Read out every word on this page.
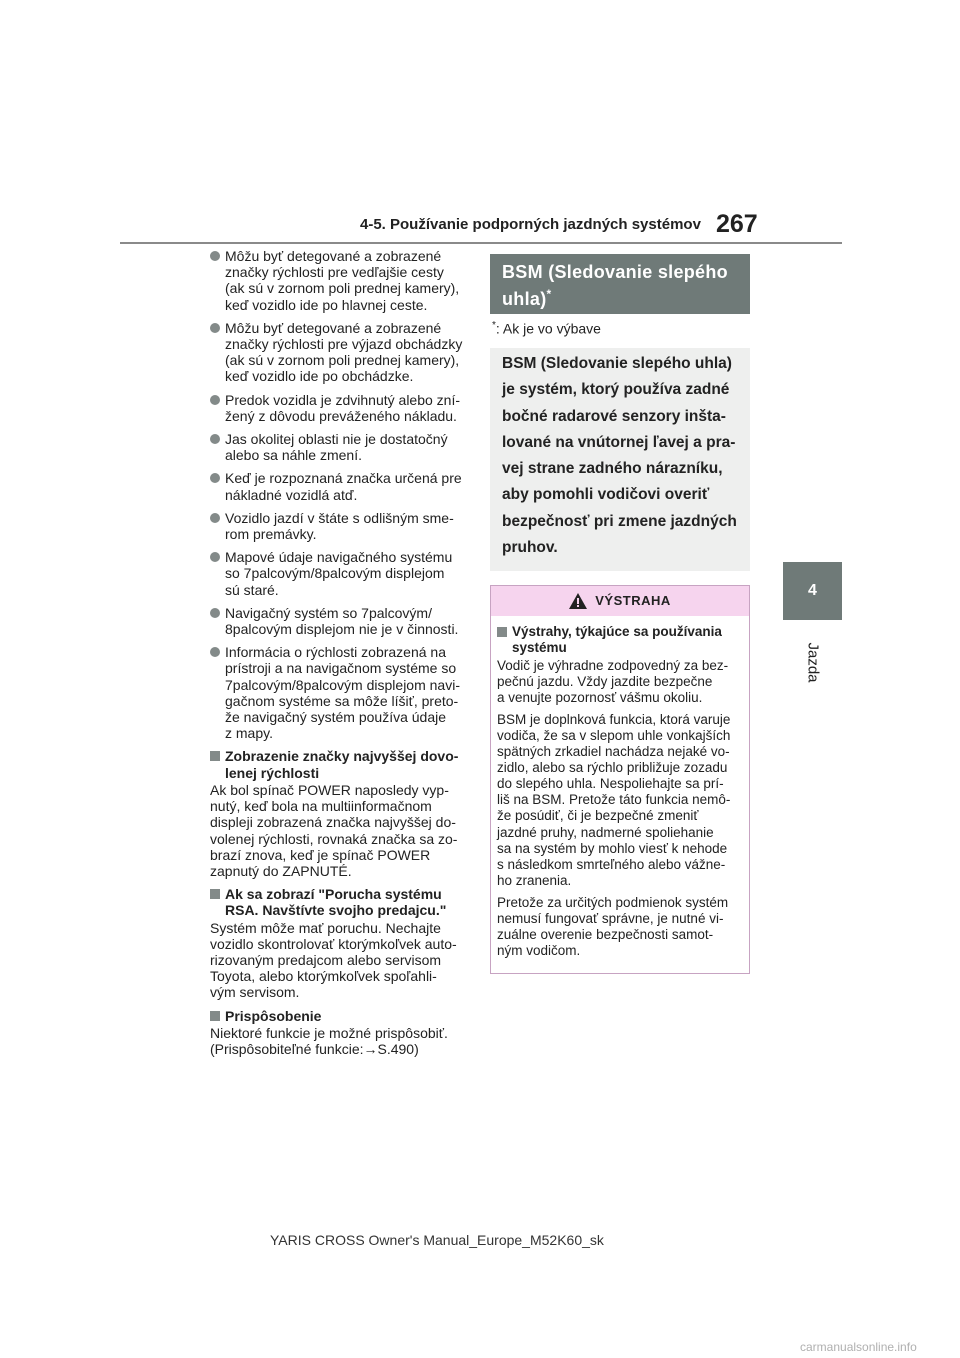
4-5. Používanie podporných jazdných systémov 267
4
Jazda
Môžu byť detegované a zobrazené
značky rýchlosti pre vedľajšie cesty
(ak sú v zornom poli prednej kamery),
keď vozidlo ide po hlavnej ceste.
Môžu byť detegované a zobrazené
značky rýchlosti pre výjazd obchádzky
(ak sú v zornom poli prednej kamery),
keď vozidlo ide po obchádzke.
Predok vozidla je zdvihnutý alebo zní-
žený z dôvodu preváženého nákladu.
Jas okolitej oblasti nie je dostatočný
alebo sa náhle zmení.
Keď je rozpoznaná značka určená pre
nákladné vozidlá atď.
Vozidlo jazdí v štáte s odlišným sme-
rom premávky.
Mapové údaje navigačného systému
so 7palcovým/8palcovým displejom
sú staré.
Navigačný systém so 7palcovým/
8palcovým displejom nie je v činnosti.
Informácia o rýchlosti zobrazená na
prístroji a na navigačnom systéme so
7palcovým/8palcovým displejom navi-
gačnom systéme sa môže líšiť, preto-
že navigačný systém používa údaje
z mapy.
Zobrazenie značky najvyššej dovo-
lenej rýchlosti
Ak bol spínač POWER naposledy vyp-
nutý, keď bola na multiinformačnom
displeji zobrazená značka najvyššej do-
volenej rýchlosti, rovnaká značka sa zo-
brazí znova, keď je spínač POWER
zapnutý do ZAPNUTÉ.
Ak sa zobrazí "Porucha systému
RSA. Navštívte svojho predajcu."
Systém môže mať poruchu. Nechajte
vozidlo skontrolovať ktorýmkoľvek auto-
rizovaným predajcom alebo servisom
Toyota, alebo ktorýmkoľvek spoľahli-
vým servisom.
Prispôsobenie
Niektoré funkcie je možné prispôsobiť.
(Prispôsobiteľné funkcie:→S.490)
BSM (Sledovanie slepého
uhla)*
*: Ak je vo výbave
BSM (Sledovanie slepého uhla)
je systém, ktorý používa zadné
bočné radarové senzory inšta-
lované na vnútornej ľavej a pra-
vej strane zadného nárazníku,
aby pomohli vodičovi overiť
bezpečnosť pri zmene jazdných
pruhov.
VÝSTRAHA
Výstrahy, týkajúce sa používania
systému
Vodič je výhradne zodpovedný za bez-
pečnú jazdu. Vždy jazdite bezpečne
a venujte pozornosť vášmu okoliu.
BSM je doplnková funkcia, ktorá varuje
vodiča, že sa v slepom uhle vonkajších
spätných zrkadiel nachádza nejaké vo-
zidlo, alebo sa rýchlo približuje zozadu
do slepého uhla. Nespoliehajte sa prí-
liš na BSM. Pretože táto funkcia nemô-
že posúdiť, či je bezpečné zmeniť
jazdné pruhy, nadmerné spoliehanie
sa na systém by mohlo viesť k nehode
s následkom smrteľného alebo vážne-
ho zranenia.
Pretože za určitých podmienok systém
nemusí fungovať správne, je nutné vi-
zuálne overenie bezpečnosti samot-
ným vodičom.
YARIS CROSS Owner's Manual_Europe_M52K60_sk
carmanualsonline.info
